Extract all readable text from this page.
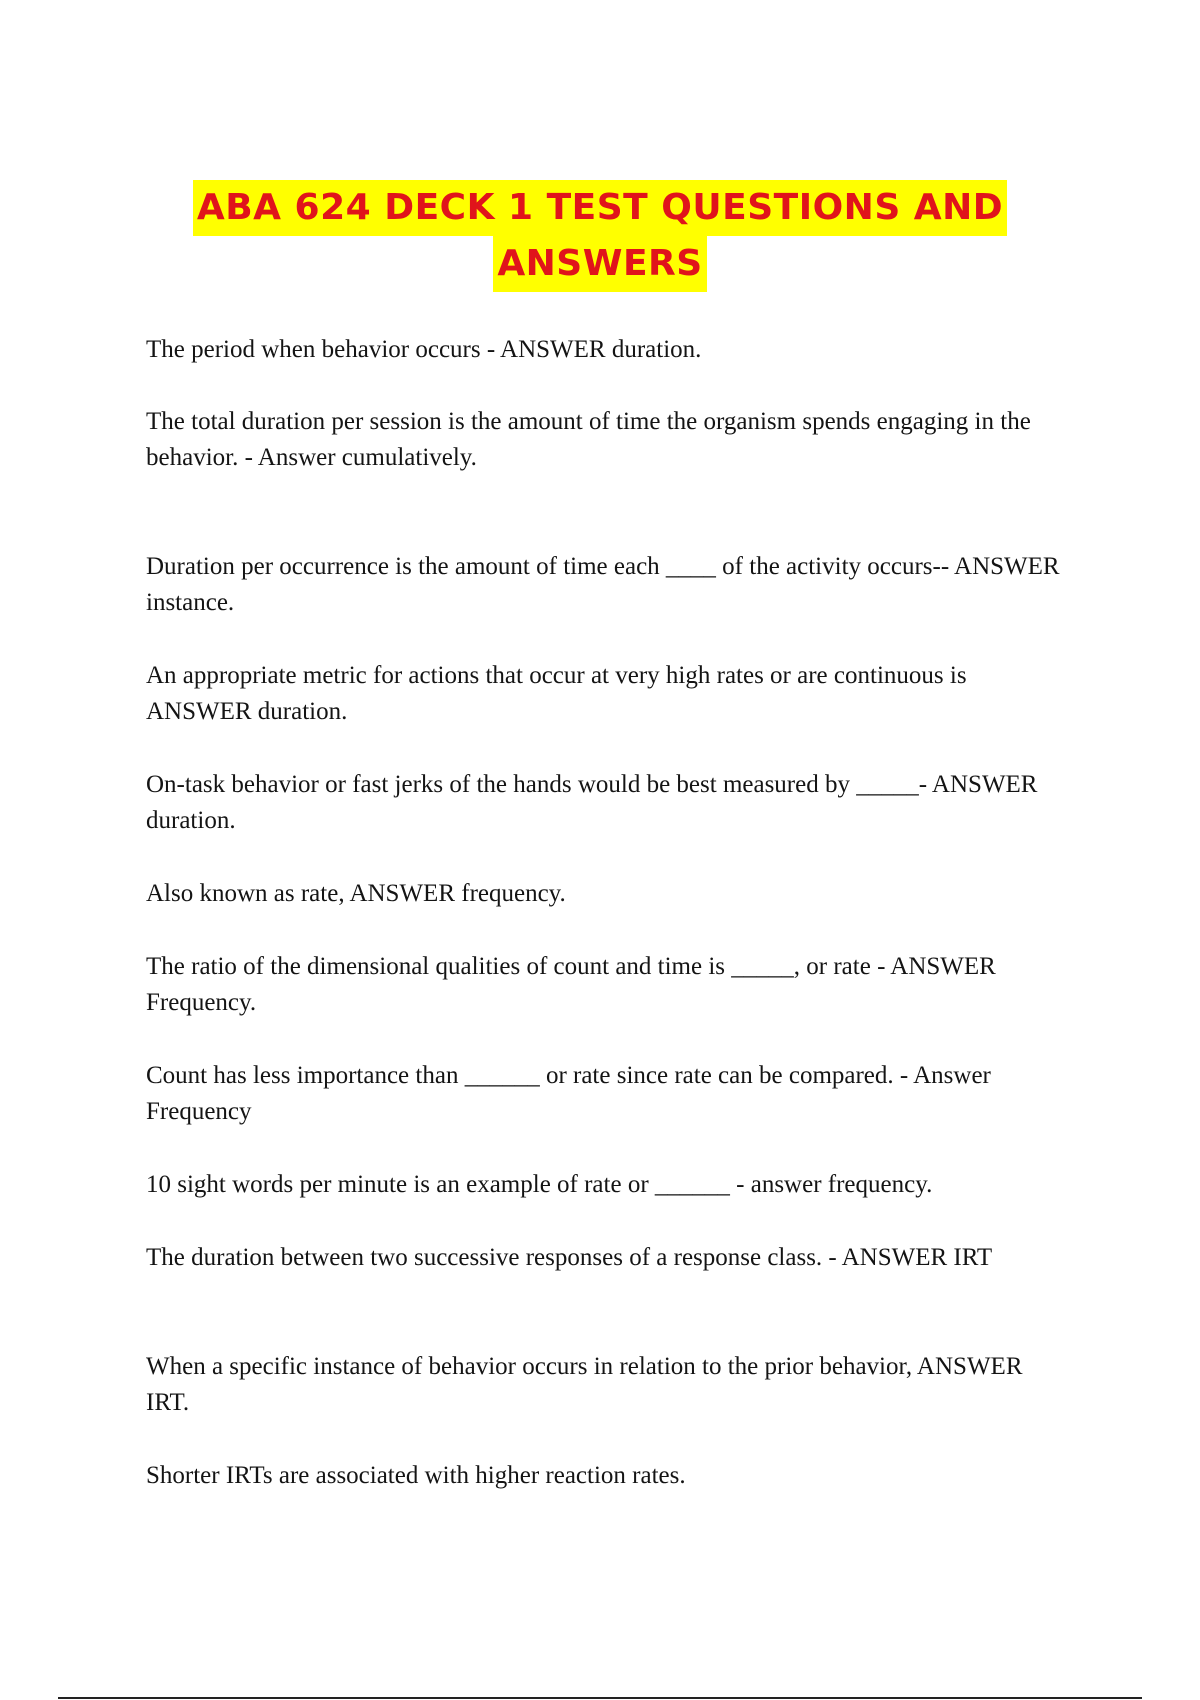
ABA 624 DECK 1 TEST QUESTIONS AND
ANSWERS

The period when behavior occurs - ANSWER duration.

The total duration per session is the amount of time the organism spends engaging in the behavior. - Answer cumulatively.

Duration per occurrence is the amount of time each ____ of the activity occurs-- ANSWER instance.

An appropriate metric for actions that occur at very high rates or are continuous is ANSWER duration.

On-task behavior or fast jerks of the hands would be best measured by _____- ANSWER duration.

Also known as rate, ANSWER frequency.

The ratio of the dimensional qualities of count and time is _____, or rate - ANSWER Frequency.

Count has less importance than ______ or rate since rate can be compared. - Answer Frequency

10 sight words per minute is an example of rate or ______ - answer frequency.

The duration between two successive responses of a response class. - ANSWER IRT

When a specific instance of behavior occurs in relation to the prior behavior, ANSWER IRT.

Shorter IRTs are associated with higher reaction rates.
